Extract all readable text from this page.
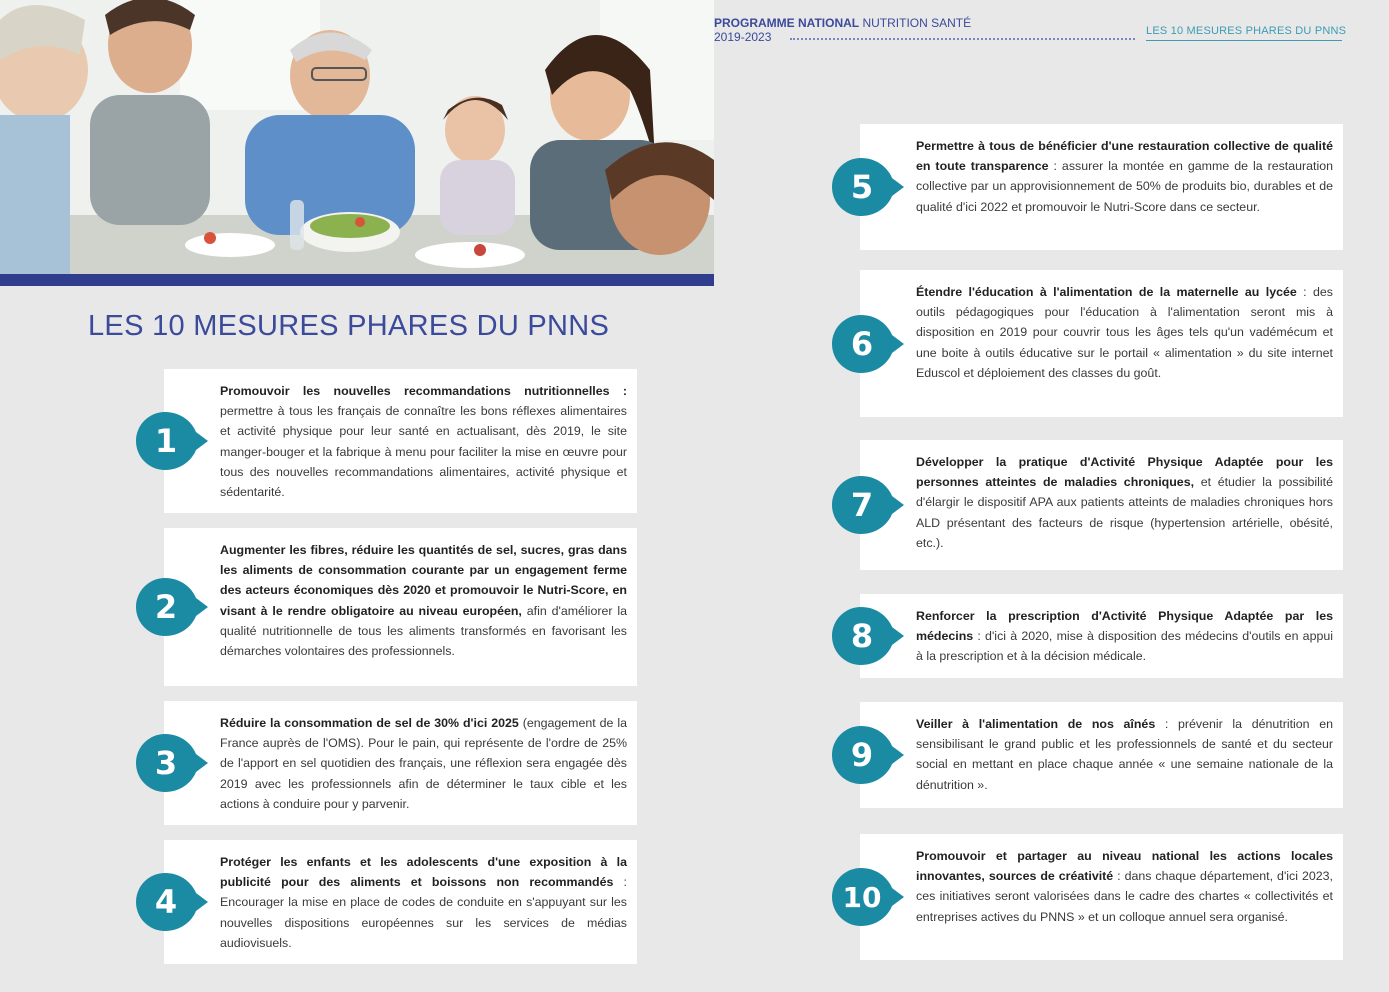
PROGRAMME NATIONAL NUTRITION SANTÉ
2019-2023	LES 10 MESURES PHARES DU PNNS
LES 10 MESURES PHARES DU PNNS
Promouvoir les nouvelles recommandations nutritionnelles : permettre à tous les français de connaître les bons réflexes alimentaires et activité physique pour leur santé en actualisant, dès 2019, le site manger-bouger et la fabrique à menu pour faciliter la mise en œuvre pour tous des nouvelles recommandations alimentaires, activité physique et sédentarité.
1
Augmenter les fibres, réduire les quantités de sel, sucres, gras dans les aliments de consommation courante par un engagement ferme des acteurs économiques dès 2020 et promouvoir le Nutri-Score, en visant à le rendre obligatoire au niveau européen, afin d'améliorer la qualité nutritionnelle de tous les aliments transformés en favorisant les démarches volontaires des professionnels.
2
Réduire la consommation de sel de 30% d'ici 2025 (engagement de la France auprès de l'OMS). Pour le pain, qui représente de l'ordre de 25% de l'apport en sel quotidien des français, une réflexion sera engagée dès 2019 avec les professionnels afin de déterminer le taux cible et les actions à conduire pour y parvenir.
3
Protéger les enfants et les adolescents d'une exposition à la publicité pour des aliments et boissons non recommandés : Encourager la mise en place de codes de conduite en s'appuyant sur les nouvelles dispositions européennes sur les services de médias audiovisuels.
4
Permettre à tous de bénéficier d'une restauration collective de qualité en toute transparence : assurer la montée en gamme de la restauration collective par un approvisionnement de 50% de produits bio, durables et de qualité d'ici 2022 et promouvoir le Nutri-Score dans ce secteur.
5
Étendre l'éducation à l'alimentation de la maternelle au lycée : des outils pédagogiques pour l'éducation à l'alimentation seront mis à disposition en 2019 pour couvrir tous les âges tels qu'un vadémécum et une boite à outils éducative sur le portail « alimentation » du site internet Eduscol et déploiement des classes du goût.
6
Développer la pratique d'Activité Physique Adaptée pour les personnes atteintes de maladies chroniques, et étudier la possibilité d'élargir le dispositif APA aux patients atteints de maladies chroniques hors ALD présentant des facteurs de risque (hypertension artérielle, obésité, etc.).
7
Renforcer la prescription d'Activité Physique Adaptée par les médecins : d'ici à 2020, mise à disposition des médecins d'outils en appui à la prescription et à la décision médicale.
8
Veiller à l'alimentation de nos aînés : prévenir la dénutrition en sensibilisant le grand public et les professionnels de santé et du secteur social en mettant en place chaque année « une semaine nationale de la dénutrition ».
9
Promouvoir et partager au niveau national les actions locales innovantes, sources de créativité : dans chaque département, d'ici 2023, ces initiatives seront valorisées dans le cadre des chartes « collectivités et entreprises actives du PNNS » et un colloque annuel sera organisé.
10
